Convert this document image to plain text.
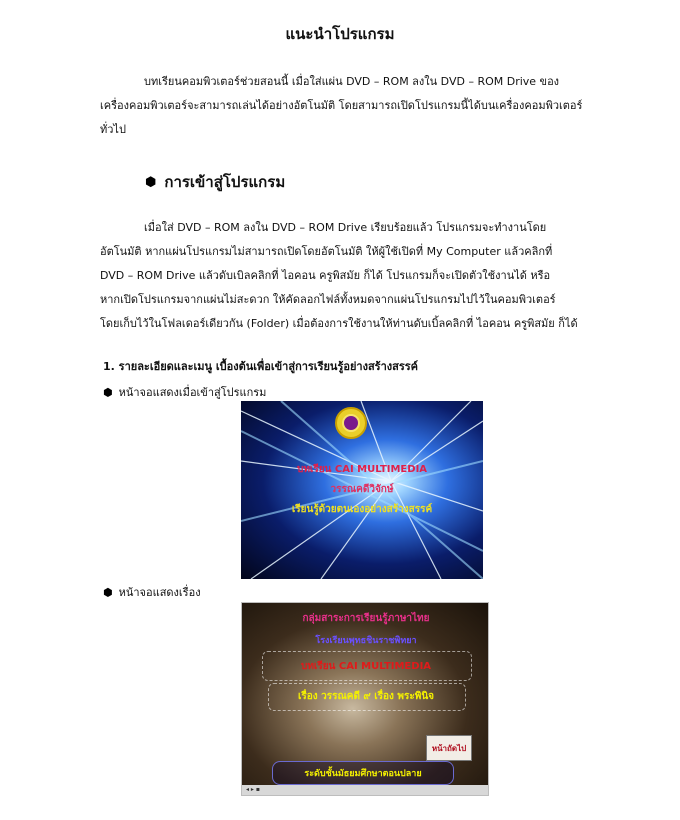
แนะนำโปรแกรม

บทเรียนคอมพิวเตอร์ช่วยสอนนี้ เมื่อใส่แผ่น DVD – ROM ลงใน DVD – ROM Drive ของ

เครื่องคอมพิวเตอร์จะสามารถเล่นได้อย่างอัตโนมัติ โดยสามารถเปิดโปรแกรมนี้ได้บนเครื่องคอมพิวเตอร์

ทั่วไป

⬢ การเข้าสู่โปรแกรม

เมื่อใส่ DVD – ROM ลงใน DVD – ROM Drive เรียบร้อยแล้ว โปรแกรมจะทำงานโดย

อัตโนมัติ หากแผ่นโปรแกรมไม่สามารถเปิดโดยอัตโนมัติ ให้ผู้ใช้เปิดที่ My Computer แล้วคลิกที่

DVD – ROM Drive แล้วดับเบิลคลิกที่ ไอคอน ครูพิสมัย ก็ได้ โปรแกรมก็จะเปิดตัวใช้งานได้ หรือ

หากเปิดโปรแกรมจากแผ่นไม่สะดวก ให้คัดลอกไฟล์ทั้งหมดจากแผ่นโปรแกรมไปไว้ในคอมพิวเตอร์

โดยเก็บไว้ในโฟลเดอร์เดียวกัน (Folder) เมื่อต้องการใช้งานให้ท่านดับเบิ้ลคลิกที่ ไอคอน ครูพิสมัย ก็ได้

1. รายละเอียดและเมนู เบื้องต้นเพื่อเข้าสู่การเรียนรู้อย่างสร้างสรรค์
⬢ หน้าจอแสดงเมื่อเข้าสู่โปรแกรม
บทเรียน CAI MULTIMEDIA
วรรณคดีวิจักษ์
เรียนรู้ด้วยตนเองอย่างสร้างสรรค์
⬢ หน้าจอแสดงเรื่อง
กลุ่มสาระการเรียนรู้ภาษาไทย
โรงเรียนพุทธชินราชพิทยา
บทเรียน CAI MULTIMEDIA
เรื่อง วรรณคดี ๙ เรื่อง พระพินิจ
หน้าถัดไป
ระดับชั้นมัธยมศึกษาตอนปลาย
◂ ▸ ▪
